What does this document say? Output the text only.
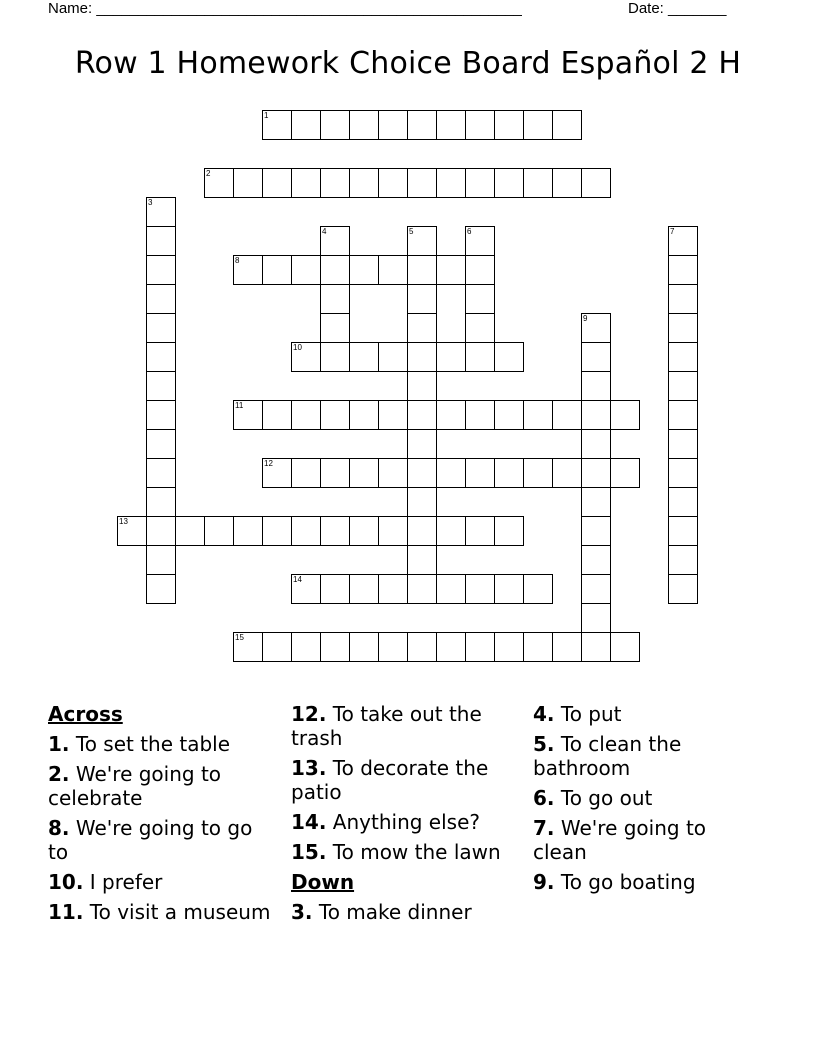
Name: ___________________________________________________	Date: _______
Row 1 Homework Choice Board Español 2 H
1
2
3
4	5	6	7
8
9
10
11
12
13
14
15
Across
1. To set the table
2. We're going to celebrate
8. We're going to go to
10. I prefer
11. To visit a museum
12. To take out the trash
13. To decorate the patio
14. Anything else?
15. To mow the lawn
Down
3. To make dinner
4. To put
5. To clean the bathroom
6. To go out
7. We're going to clean
9. To go boating
